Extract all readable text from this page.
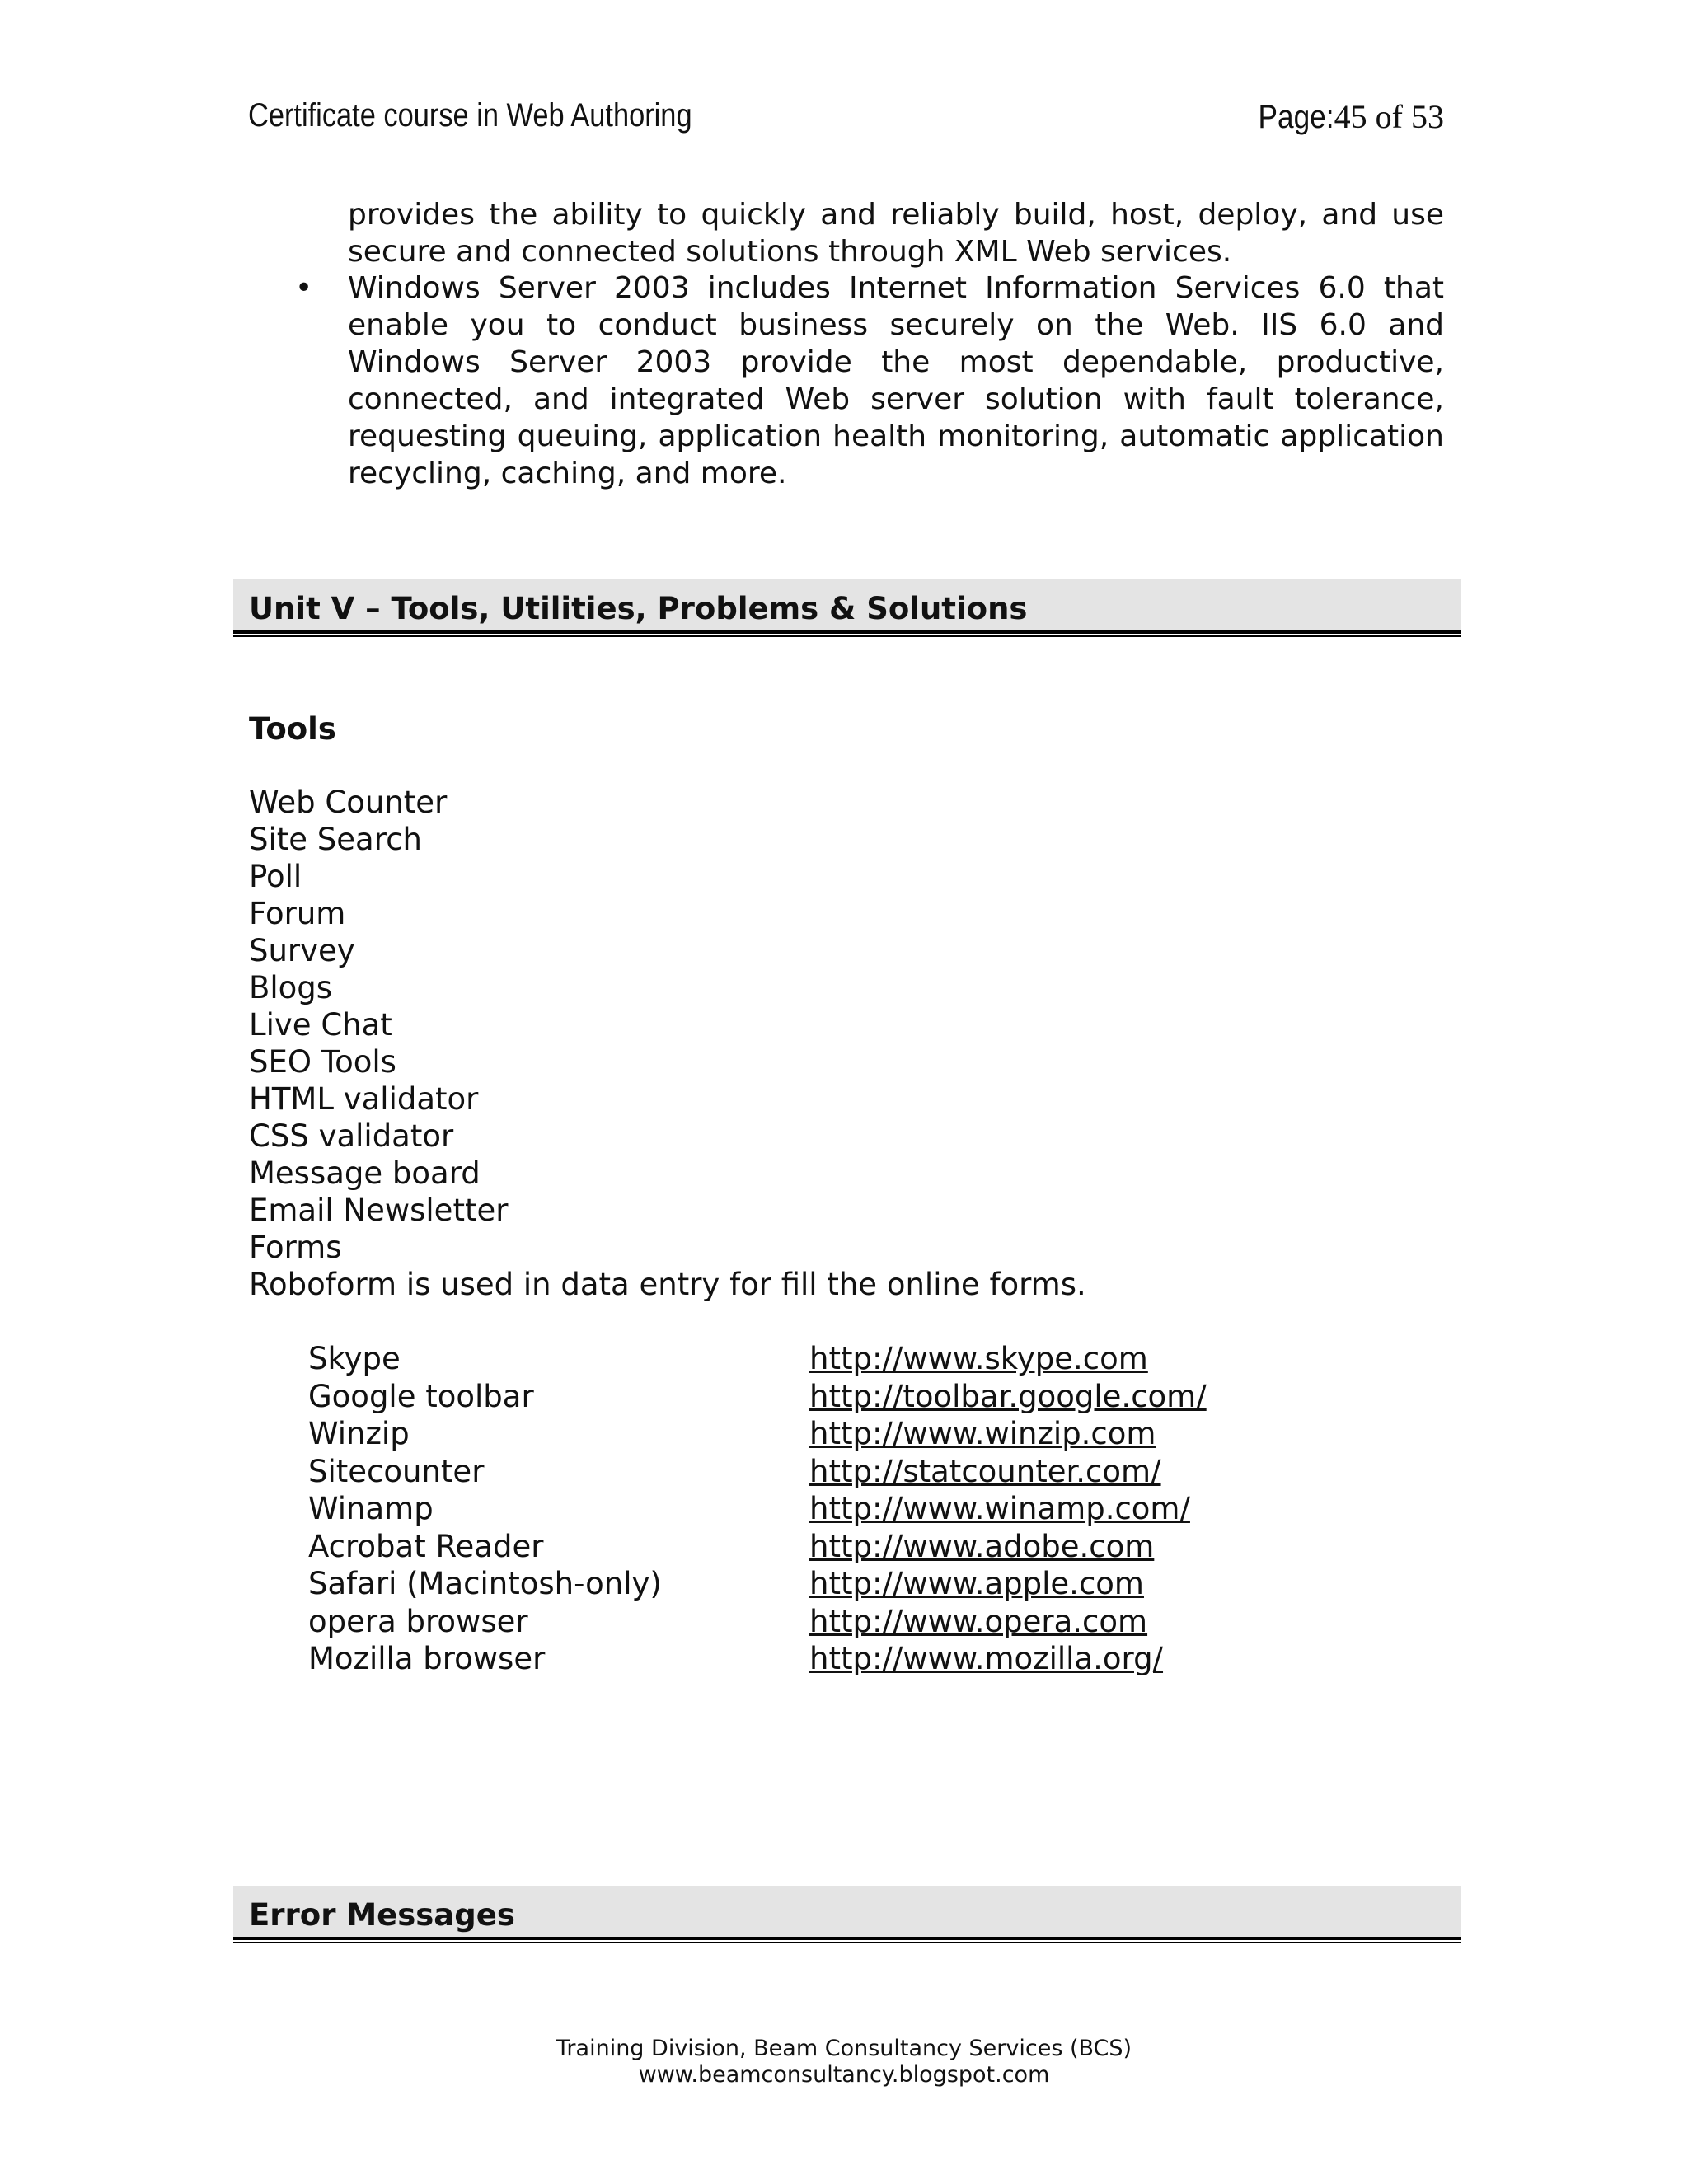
Certificate course in Web Authoring	Page:45 of 53
provides the ability to quickly and reliably build, host, deploy, and use secure and connected solutions through XML Web services.
• Windows Server 2003 includes Internet Information Services 6.0 that enable you to conduct business securely on the Web. IIS 6.0 and Windows Server 2003 provide the most dependable, productive, connected, and integrated Web server solution with fault tolerance, requesting queuing, application health monitoring, automatic application recycling, caching, and more.
Unit V – Tools, Utilities, Problems & Solutions
Tools
Web Counter
Site Search
Poll
Forum
Survey
Blogs
Live Chat
SEO Tools
HTML validator
CSS validator
Message board
Email Newsletter
Forms
Roboform is used in data entry for fill the online forms.
Skype	http://www.skype.com
Google toolbar	http://toolbar.google.com/
Winzip	http://www.winzip.com
Sitecounter	http://statcounter.com/
Winamp	http://www.winamp.com/
Acrobat Reader	http://www.adobe.com
Safari (Macintosh-only)	http://www.apple.com
opera browser	http://www.opera.com
Mozilla browser	http://www.mozilla.org/
Error Messages
Training Division, Beam Consultancy Services (BCS)
www.beamconsultancy.blogspot.com
